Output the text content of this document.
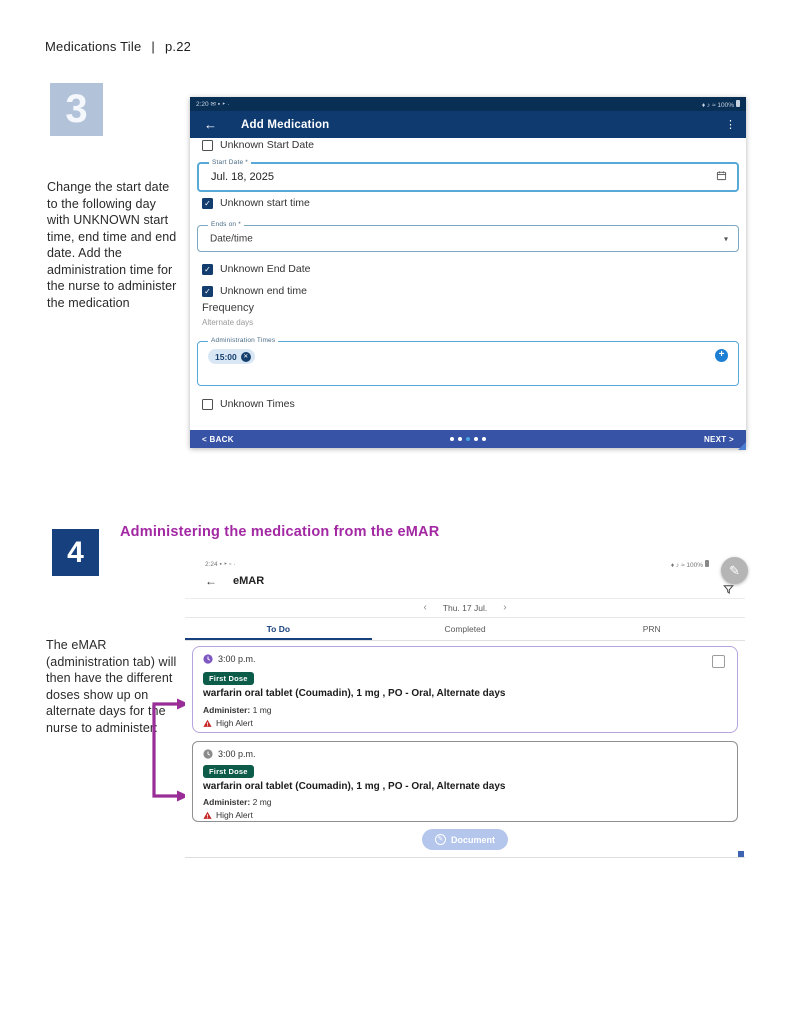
Medications Tile | p.22
3
Change the start date to the following day with UNKNOWN start time, end time and end date. Add the administration time for the nurse to administer the medication
2:20 ✉ ▪ ‣ ·	♦ ♪ ≈ 100%
← Add Medication	⋮
Unknown Start Date
Start Date *
Jul. 18, 2025
✓ Unknown start time
Ends on *
Date/time	▾
✓ Unknown End Date
✓ Unknown end time
Frequency
Alternate days
Administration Times
15:00	✕	+
Unknown Times
< BACK	NEXT >
4
Administering the medication from the eMAR
The eMAR (administration tab) will then have the different doses show up on alternate days for the nurse to administer:
2:24 ▪ ‣ ▫ ·	♦ ♪ ≈ 100%	✎
← eMAR
‹ Thu. 17 Jul. ›
To Do	Completed	PRN
3:00 p.m.
First Dose
warfarin oral tablet (Coumadin), 1 mg , PO - Oral, Alternate days
Administer: 1 mg
High Alert
3:00 p.m.
First Dose
warfarin oral tablet (Coumadin), 1 mg , PO - Oral, Alternate days
Administer: 2 mg
High Alert
✎ Document
